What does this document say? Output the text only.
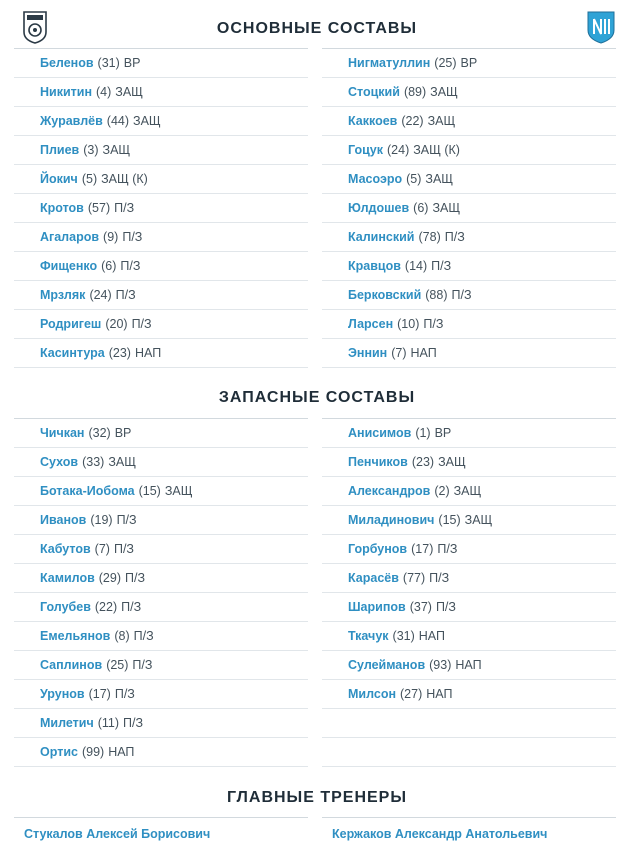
ОСНОВНЫЕ СОСТАВЫ
Беленов (31) ВР
Никитин (4) ЗАЩ
Журавлёв (44) ЗАЩ
Плиев (3) ЗАЩ
Йокич (5) ЗАЩ (К)
Кротов (57) П/З
Агаларов (9) П/З
Фищенко (6) П/З
Мрзляк (24) П/З
Родригеш (20) П/З
Касинтура (23) НАП
Нигматуллин (25) ВР
Стоцкий (89) ЗАЩ
Каккоев (22) ЗАЩ
Гоцук (24) ЗАЩ (К)
Масоэро (5) ЗАЩ
Юлдошев (6) ЗАЩ
Калинский (78) П/З
Кравцов (14) П/З
Берковский (88) П/З
Ларсен (10) П/З
Эннин (7) НАП
ЗАПАСНЫЕ СОСТАВЫ
Чичкан (32) ВР
Сухов (33) ЗАЩ
Ботака-Иобома (15) ЗАЩ
Иванов (19) П/З
Кабутов (7) П/З
Камилов (29) П/З
Голубев (22) П/З
Емельянов (8) П/З
Саплинов (25) П/З
Урунов (17) П/З
Милетич (11) П/З
Ортис (99) НАП
Анисимов (1) ВР
Пенчиков (23) ЗАЩ
Александров (2) ЗАЩ
Миладинович (15) ЗАЩ
Горбунов (17) П/З
Карасёв (77) П/З
Шарипов (37) П/З
Ткачук (31) НАП
Сулейманов (93) НАП
Милсон (27) НАП
ГЛАВНЫЕ ТРЕНЕРЫ
Стукалов Алексей Борисович	Кержаков Александр Анатольевич
